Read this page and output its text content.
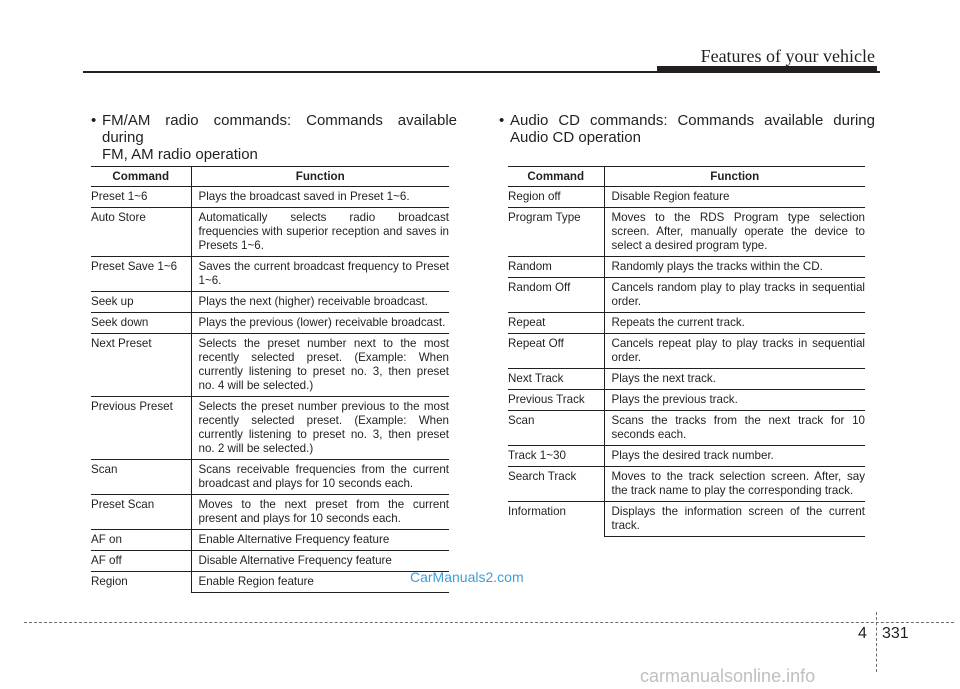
Features of your vehicle
• FM/AM radio commands: Commands available during
FM, AM radio operation
• Audio CD commands: Commands available during
Audio CD operation
Command	Function
Preset 1~6	Plays the broadcast saved in Preset 1~6.
Auto Store	Automatically selects radio broadcast frequencies with superior reception and saves in Presets 1~6.
Preset Save 1~6	Saves the current broadcast frequency to Preset 1~6.
Seek up	Plays the next (higher) receivable broadcast.
Seek down	Plays the previous (lower) receivable broadcast.
Next Preset	Selects the preset number next to the most recently selected preset. (Example: When currently listening to preset no. 3, then preset no. 4 will be selected.)
Previous Preset	Selects the preset number previous to the most recently selected preset. (Example: When currently listening to preset no. 3, then preset no. 2 will be selected.)
Scan	Scans receivable frequencies from the current broadcast and plays for 10 seconds each.
Preset Scan	Moves to the next preset from the current present and plays for 10 seconds each.
AF on	Enable Alternative Frequency feature
AF off	Disable Alternative Frequency feature
Region	Enable Region feature
Command	Function
Region off	Disable Region feature
Program Type	Moves to the RDS Program type selection screen. After, manually operate the device to select a desired program type.
Random	Randomly plays the tracks within the CD.
Random Off	Cancels random play to play tracks in sequential order.
Repeat	Repeats the current track.
Repeat Off	Cancels repeat play to play tracks in sequential order.
Next Track	Plays the next track.
Previous Track	Plays the previous track.
Scan	Scans the tracks from the next track for 10 seconds each.
Track 1~30	Plays the desired track number.
Search Track	Moves to the track selection screen. After, say the track name to play the corresponding track.
Information	Displays the information screen of the current track.
CarManuals2.com
4 331
carmanualsonline.info
